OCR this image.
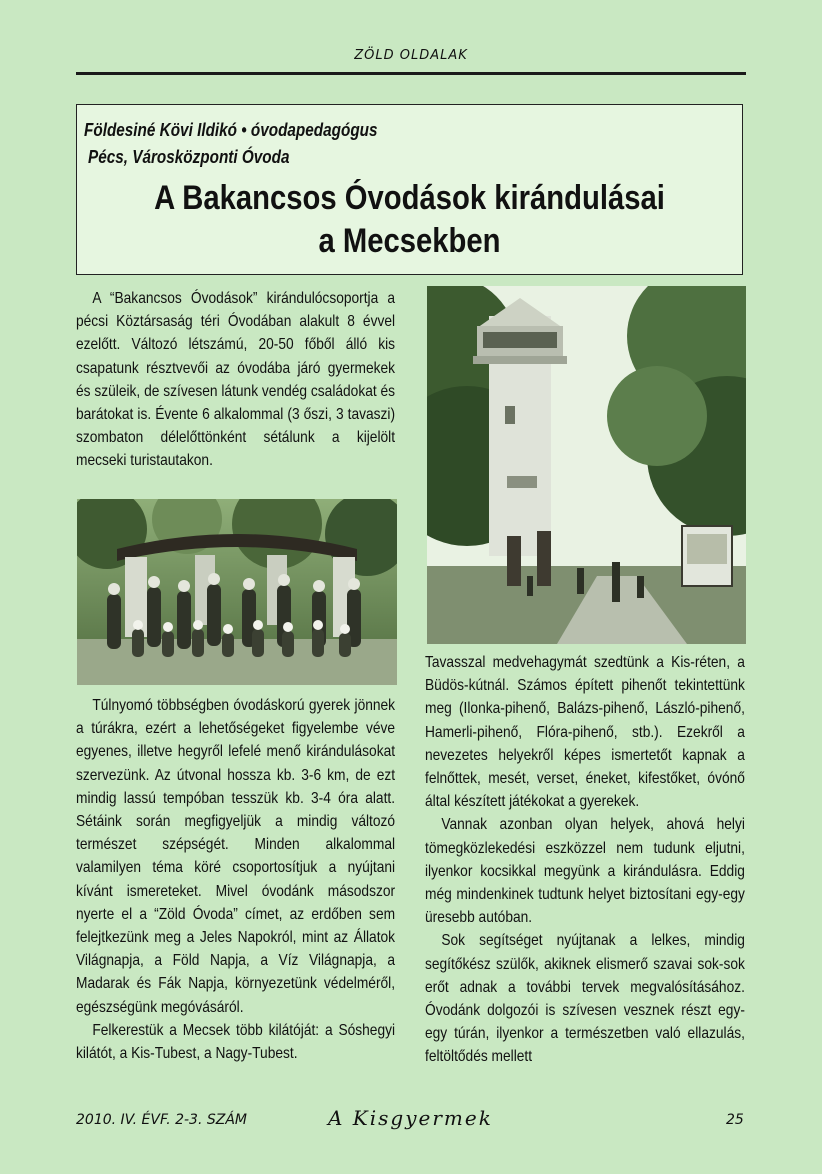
ZÖLD OLDALAK
Földesiné Kövi Ildikó • óvodapedagógus
Pécs, Városközponti Óvoda
A Bakancsos Óvodások kirándulásai
a Mecsekben

A “Bakancsos Óvodások” kirándulócsoportja a pécsi Köztársaság téri Óvodában alakult 8 évvel ezelőtt. Változó létszámú, 20-50 főből álló kis csapatunk résztvevői az óvodába járó gyermekek és szüleik, de szívesen látunk vendég családokat és barátokat is. Évente 6 alkalommal (3 őszi, 3 tavaszi) szombaton délelőttönként sétálunk a kijelölt mecseki turistautakon.

Túlnyomó többségben óvodáskorú gyerek jönnek a túrákra, ezért a lehetőségeket figyelembe véve egyenes, illetve hegyről lefelé menő kirándulásokat szervezünk. Az útvonal hossza kb. 3-6 km, de ezt mindig lassú tempóban tesszük kb. 3-4 óra alatt. Sétáink során megfigyeljük a mindig változó természet szépségét. Minden alkalommal valamilyen téma köré csoportosítjuk a nyújtani kívánt ismereteket. Mivel óvodánk másodszor nyerte el a “Zöld Óvoda” címet, az erdőben sem felejtkezünk meg a Jeles Napokról, mint az Állatok Világnapja, a Föld Napja, a Víz Világnapja, a Madarak és Fák Napja, környezetünk védelméről, egészségünk megóvásáról.

Felkerestük a Mecsek több kilátóját: a Sóshegyi kilátót, a Kis-Tubest, a Nagy-Tubest.

Tavasszal medvehagymát szedtünk a Kis-réten, a Büdös-kútnál. Számos épített pihenőt tekintettünk meg (Ilonka-pihenő, Balázs-pihenő, László-pihenő, Hamerli-pihenő, Flóra-pihenő, stb.). Ezekről a nevezetes helyekről képes ismertetőt kapnak a felnőttek, mesét, verset, éneket, kifestőket, óvónő által készített játékokat a gyerekek.

Vannak azonban olyan helyek, ahová helyi tömegközlekedési eszközzel nem tudunk eljutni, ilyenkor kocsikkal megyünk a kirándulásra. Eddig még mindenkinek tudtunk helyet biztosítani egy-egy üresebb autóban.

Sok segítséget nyújtanak a lelkes, mindig segítőkész szülők, akiknek elismerő szavai sok-sok erőt adnak a további tervek megvalósításához. Óvodánk dolgozói is szívesen vesznek részt egy-egy túrán, ilyenkor a természetben való ellazulás, feltöltődés mellett

2010. IV. ÉVF. 2-3. SZÁM	A Kisgyermek	25
